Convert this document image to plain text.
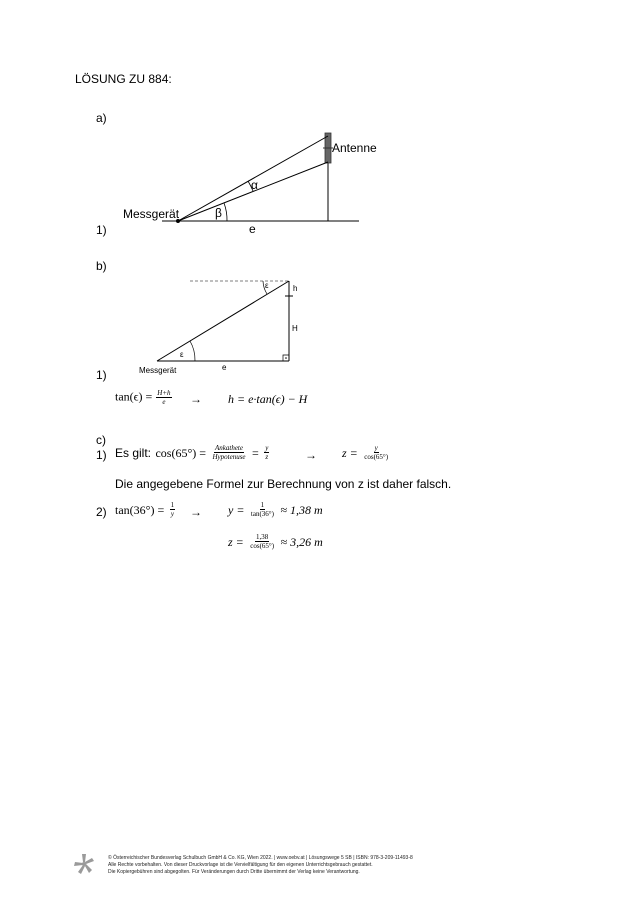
LÖSUNG ZU 884:
a)
1)
Antenne
α
Messgerät	β
e
b)
1)
ε	h
H
ε
Messgerät	e
$\tan(\epsilon) = \frac{H+h}{e} \to h = e\cdot\tan(\epsilon) - H$
c)
1) Es gilt: $\cos(65^\circ) = \frac{\text{Ankathete}}{\text{Hypotenuse}} = \frac{y}{z}$	→ $z = \frac{y}{\cos(65^\circ)}$
Die angegebene Formel zur Berechnung von z ist daher falsch.
2) $\tan(36^\circ) = \frac{1}{y} \to y = \frac{1}{\tan(36^\circ)} \approx 1,38$ m
$z = \frac{1,38}{\cos(65^\circ)} \approx 3,26$ m
© Österreichischer Bundesverlag Schulbuch GmbH & Co. KG, Wien 2022. | www.oebv.at | Lösungswege 5 SB | ISBN: 978-3-209-11493-8
Alle Rechte vorbehalten. Von dieser Druckvorlage ist die Vervielfältigung für den eigenen Unterrichtsgebrauch gestattet.
Die Kopiergebühren sind abgegolten. Für Veränderungen durch Dritte übernimmt der Verlag keine Verantwortung.
